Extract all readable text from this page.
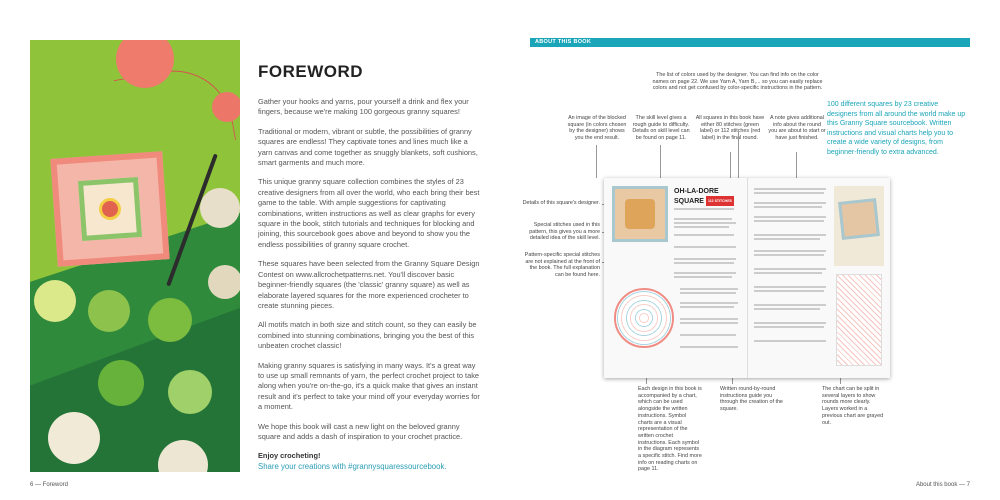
FOREWORD

Gather your hooks and yarns, pour yourself a drink and flex your fingers, because we're making 100 gorgeous granny squares!

Traditional or modern, vibrant or subtle, the possibilities of granny squares are endless! They captivate tones and lines much like a yarn canvas and come together as snuggly blankets, soft cushions, smart garments and much more.

This unique granny square collection combines the styles of 23 creative designers from all over the world, who each bring their best game to the table. With ample suggestions for captivating combinations, written instructions as well as clear graphs for every square in the book, stitch tutorials and techniques for blocking and joining, this sourcebook goes above and beyond to show you the endless possibilities of granny square crochet.

These squares have been selected from the Granny Square Design Contest on www.allcrochetpatterns.net. You'll discover basic beginner-friendly squares (the 'classic' granny square) as well as elaborate layered squares for the more experienced crocheter to create stunning pieces.

All motifs match in both size and stitch count, so they can easily be combined into stunning combinations, bringing you the best of this unbeaten crochet classic!

Making granny squares is satisfying in many ways. It's a great way to use up small remnants of yarn, the perfect crochet project to take along when you're on-the-go, it's a quick make that gives an instant result and it's perfect to take your mind off your everyday worries for a moment.

We hope this book will cast a new light on the beloved granny square and adds a dash of inspiration to your crochet practice.

Enjoy crocheting!

Share your creations with #grannysquaressourcebook.
6 — Foreword
ABOUT THIS BOOK
The list of colors used by the designer. You can find info on the color names on page 22. We use Yarn A, Yarn B,... so you can easily replace colors and not get confused by color-specific instructions in the pattern.
An image of the blocked square (in colors chosen by the designer) shows you the end result.
The skill level gives a rough guide to difficulty. Details on skill level can be found on page 11.
All squares in this book have either 80 stitches (green label) or 112 stitches (red label) in the final round.
A note gives additional info about the round you are about to start or have just finished.
100 different squares by 23 creative designers from all around the world make up this Granny Square sourcebook. Written instructions and visual charts help you to create a wide variety of designs, from beginner-friendly to extra advanced.
Details of this square's designer.
Special stitches used in this pattern, this gives you a more detailed idea of the skill level.
Pattern-specific special stitches are not explained at the front of the book. The full explanation can be found here.
Each design in this book is accompanied by a chart, which can be used alongside the written instructions. Symbol charts are a visual representation of the written crochet instructions. Each symbol in the diagram represents a specific stitch. Find more info on reading charts on page 11.
Written round-by-round instructions guide you through the creation of the square.
The chart can be split in several layers to show rounds more clearly. Layers worked in a previous chart are grayed out.
OH-LA-DORE
SQUARE 112 STITCHES
About this book — 7
